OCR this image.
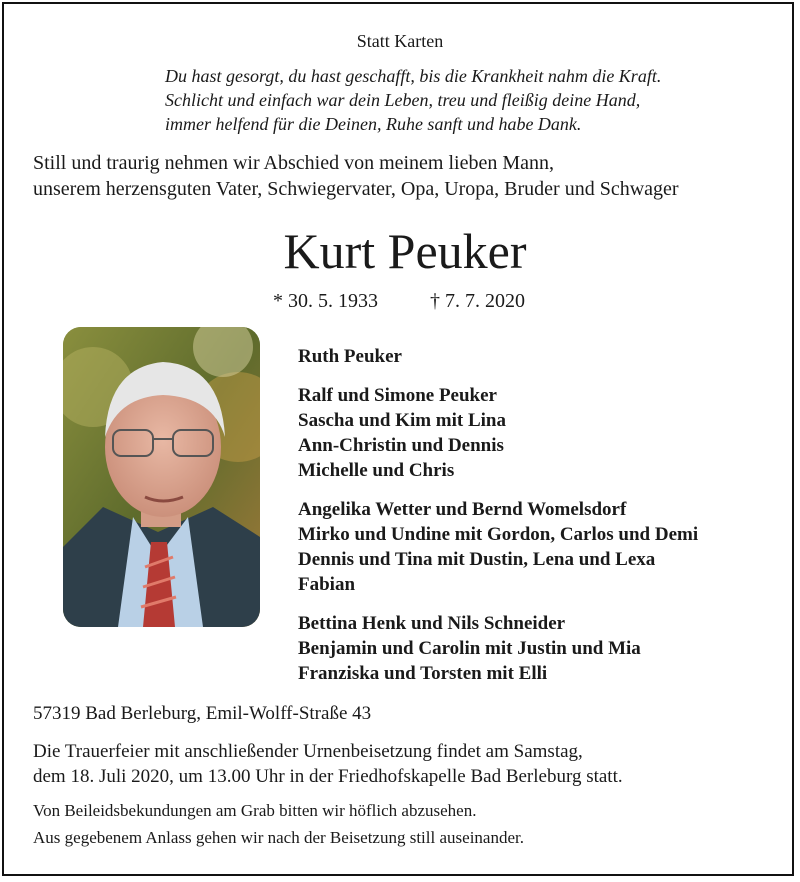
Statt Karten
Du hast gesorgt, du hast geschafft, bis die Krankheit nahm die Kraft.
Schlicht und einfach war dein Leben, treu und fleißig deine Hand,
immer helfend für die Deinen, Ruhe sanft und habe Dank.
Still und traurig nehmen wir Abschied von meinem lieben Mann,
unserem herzensguten Vater, Schwiegervater, Opa, Uropa, Bruder und Schwager
Kurt Peuker
* 30. 5. 1933	† 7. 7. 2020
Ruth Peuker
Ralf und Simone Peuker
Sascha und Kim mit Lina
Ann-Christin und Dennis
Michelle und Chris
Angelika Wetter und Bernd Womelsdorf
Mirko und Undine mit Gordon, Carlos und Demi
Dennis und Tina mit Dustin, Lena und Lexa
Fabian
Bettina Henk und Nils Schneider
Benjamin und Carolin mit Justin und Mia
Franziska und Torsten mit Elli
57319 Bad Berleburg, Emil-Wolff-Straße 43
Die Trauerfeier mit anschließender Urnenbeisetzung findet am Samstag,
dem 18. Juli 2020, um 13.00 Uhr in der Friedhofskapelle Bad Berleburg statt.
Von Beileidsbekundungen am Grab bitten wir höflich abzusehen.
Aus gegebenem Anlass gehen wir nach der Beisetzung still auseinander.
